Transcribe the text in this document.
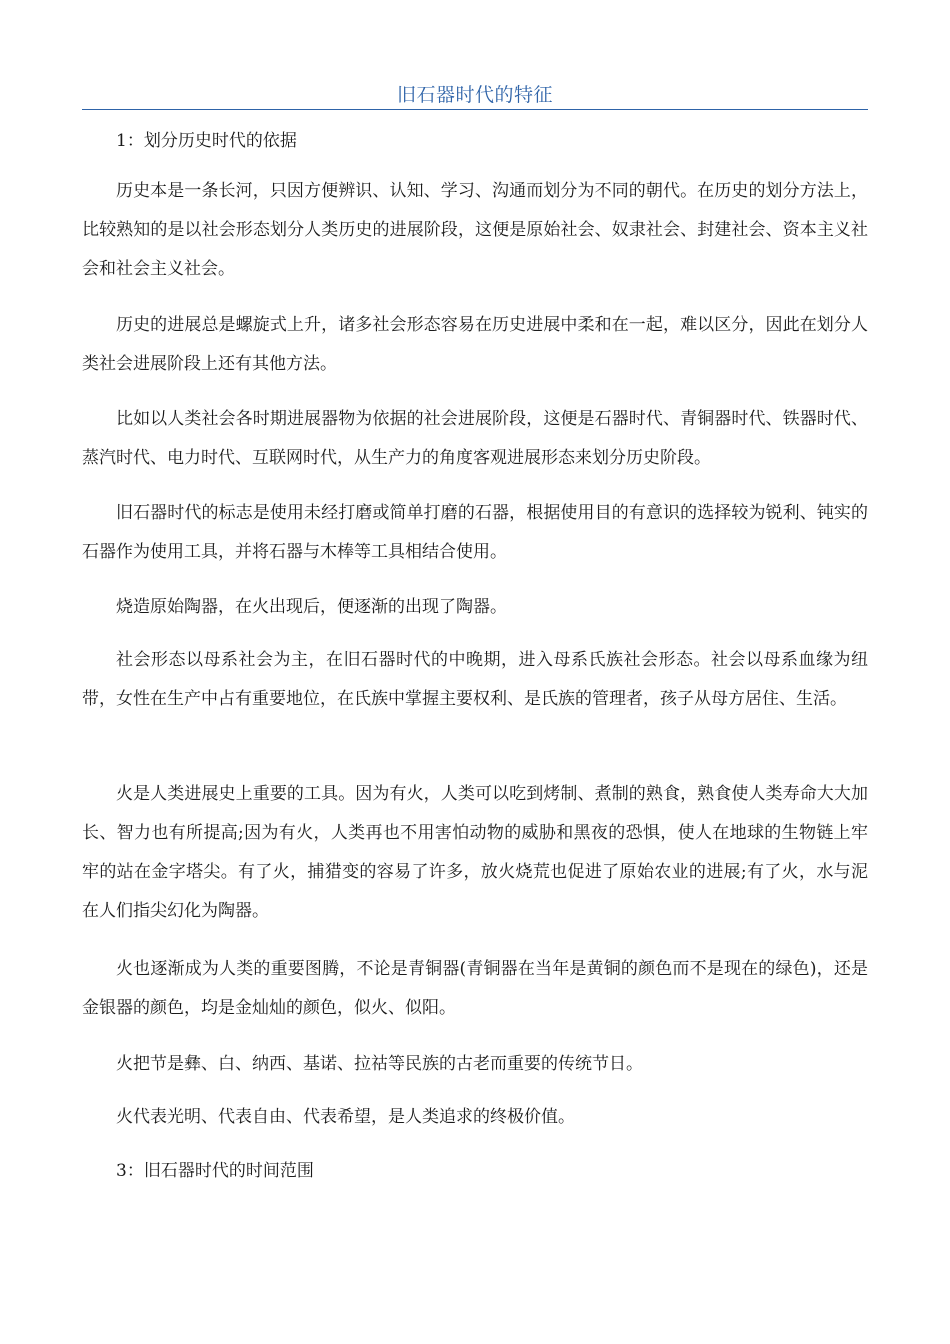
旧石器时代的特征

1：划分历史时代的依据

历史本是一条长河，只因方便辨识、认知、学习、沟通而划分为不同的朝代。在历史的划分方法上，比较熟知的是以社会形态划分人类历史的进展阶段，这便是原始社会、奴隶社会、封建社会、资本主义社会和社会主义社会。

历史的进展总是螺旋式上升，诸多社会形态容易在历史进展中柔和在一起，难以区分，因此在划分人类社会进展阶段上还有其他方法。

比如以人类社会各时期进展器物为依据的社会进展阶段，这便是石器时代、青铜器时代、铁器时代、蒸汽时代、电力时代、互联网时代，从生产力的角度客观进展形态来划分历史阶段。

旧石器时代的标志是使用未经打磨或简单打磨的石器，根据使用目的有意识的选择较为锐利、钝实的石器作为使用工具，并将石器与木棒等工具相结合使用。

烧造原始陶器，在火出现后，便逐渐的出现了陶器。

社会形态以母系社会为主，在旧石器时代的中晚期，进入母系氏族社会形态。社会以母系血缘为纽带，女性在生产中占有重要地位，在氏族中掌握主要权利、是氏族的管理者，孩子从母方居住、生活。

火是人类进展史上重要的工具。因为有火，人类可以吃到烤制、煮制的熟食，熟食使人类寿命大大加长、智力也有所提高;因为有火，人类再也不用害怕动物的威胁和黑夜的恐惧，使人在地球的生物链上牢牢的站在金字塔尖。有了火，捕猎变的容易了许多，放火烧荒也促进了原始农业的进展;有了火，水与泥在人们指尖幻化为陶器。

火也逐渐成为人类的重要图腾，不论是青铜器(青铜器在当年是黄铜的颜色而不是现在的绿色)，还是金银器的颜色，均是金灿灿的颜色，似火、似阳。

火把节是彝、白、纳西、基诺、拉祜等民族的古老而重要的传统节日。

火代表光明、代表自由、代表希望，是人类追求的终极价值。

3：旧石器时代的时间范围
